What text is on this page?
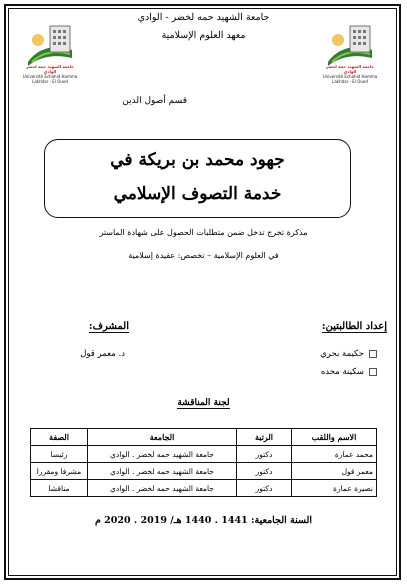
جامعة الشهيد حمه لخضر الوادي
Université Echahid Hamma Lakhdar - El Oued
جامعة الشهيد حمه لخضر الوادي
Université Echahid Hamma Lakhdar - El Oued
جامعة الشهيد حمه لخضر - الوادي
معهد العلوم الإسلامية
قسم أصول الدين
جهود محمد بن بريكة في
خدمة التصوف الإسلامي
مذكرة تخرج تدخل ضمن متطلبات الحصول على شهادة الماستر
في العلوم الإسلامية – تخصص: عقيدة إسلامية
إعداد الطالبتين:
المشرف:
حكيمة بحري
سكينة محده
د. معمر قول
لجنة المناقشة
الاسم واللقب	الرتبة	الجامعة	الصفة
محمد عمارة	دكتور	جامعة الشهيد حمه لخضر . الوادي	رئيسا
معمر قول	دكتور	جامعة الشهيد حمه لخضر . الوادي	مشرفا ومقررا
نصيرة عمارة	دكتور	جامعة الشهيد حمه لخضر . الوادي	مناقشا
السنة الجامعية: 1441 . 1440 هـ/ 2019 . 2020 م
